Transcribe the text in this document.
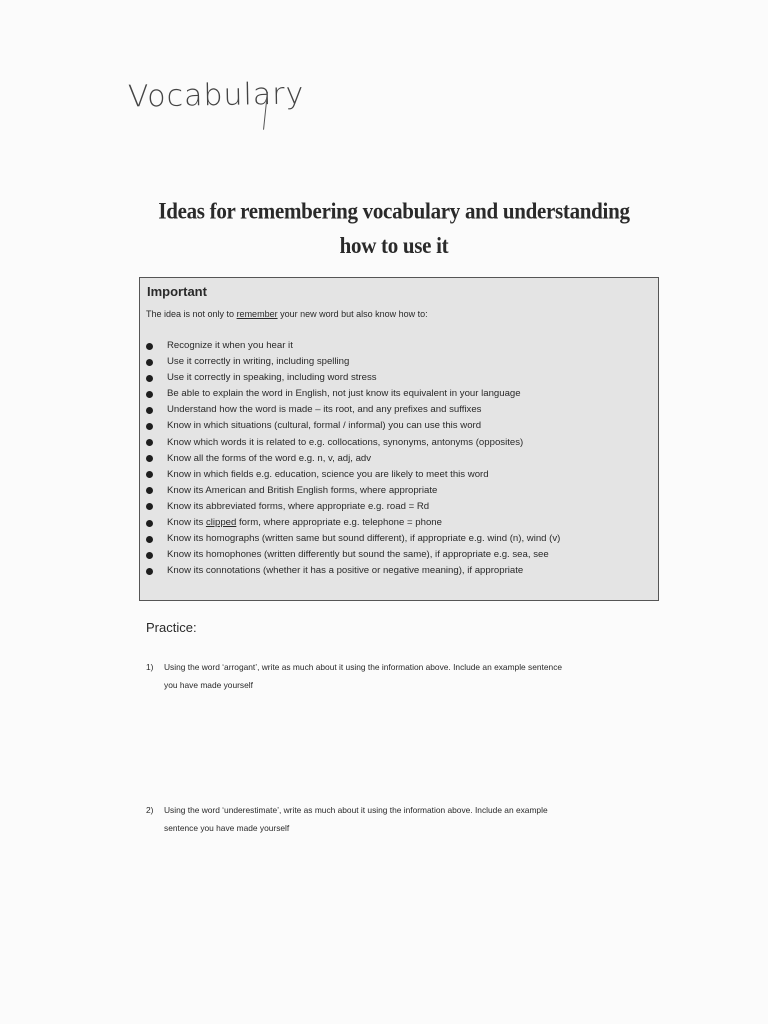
Vocabulary
Ideas for remembering vocabulary and understanding
how to use it
Important
The idea is not only to remember your new word but also know how to:
Recognize it when you hear it
Use it correctly in writing, including spelling
Use it correctly in speaking, including word stress
Be able to explain the word in English, not just know its equivalent in your language
Understand how the word is made – its root, and any prefixes and suffixes
Know in which situations (cultural, formal / informal) you can use this word
Know which words it is related to e.g. collocations, synonyms, antonyms (opposites)
Know all the forms of the word e.g. n, v, adj, adv
Know in which fields e.g. education, science you are likely to meet this word
Know its American and British English forms, where appropriate
Know its abbreviated forms, where appropriate e.g. road = Rd
Know its clipped form, where appropriate e.g. telephone = phone
Know its homographs (written same but sound different), if appropriate e.g. wind (n), wind (v)
Know its homophones (written differently but sound the same), if appropriate e.g. sea, see
Know its connotations (whether it has a positive or negative meaning), if appropriate
Practice:
1) Using the word ‘arrogant’, write as much about it using the information above. Include an example sentence
you have made yourself
2) Using the word ‘underestimate’, write as much about it using the information above. Include an example
sentence you have made yourself
